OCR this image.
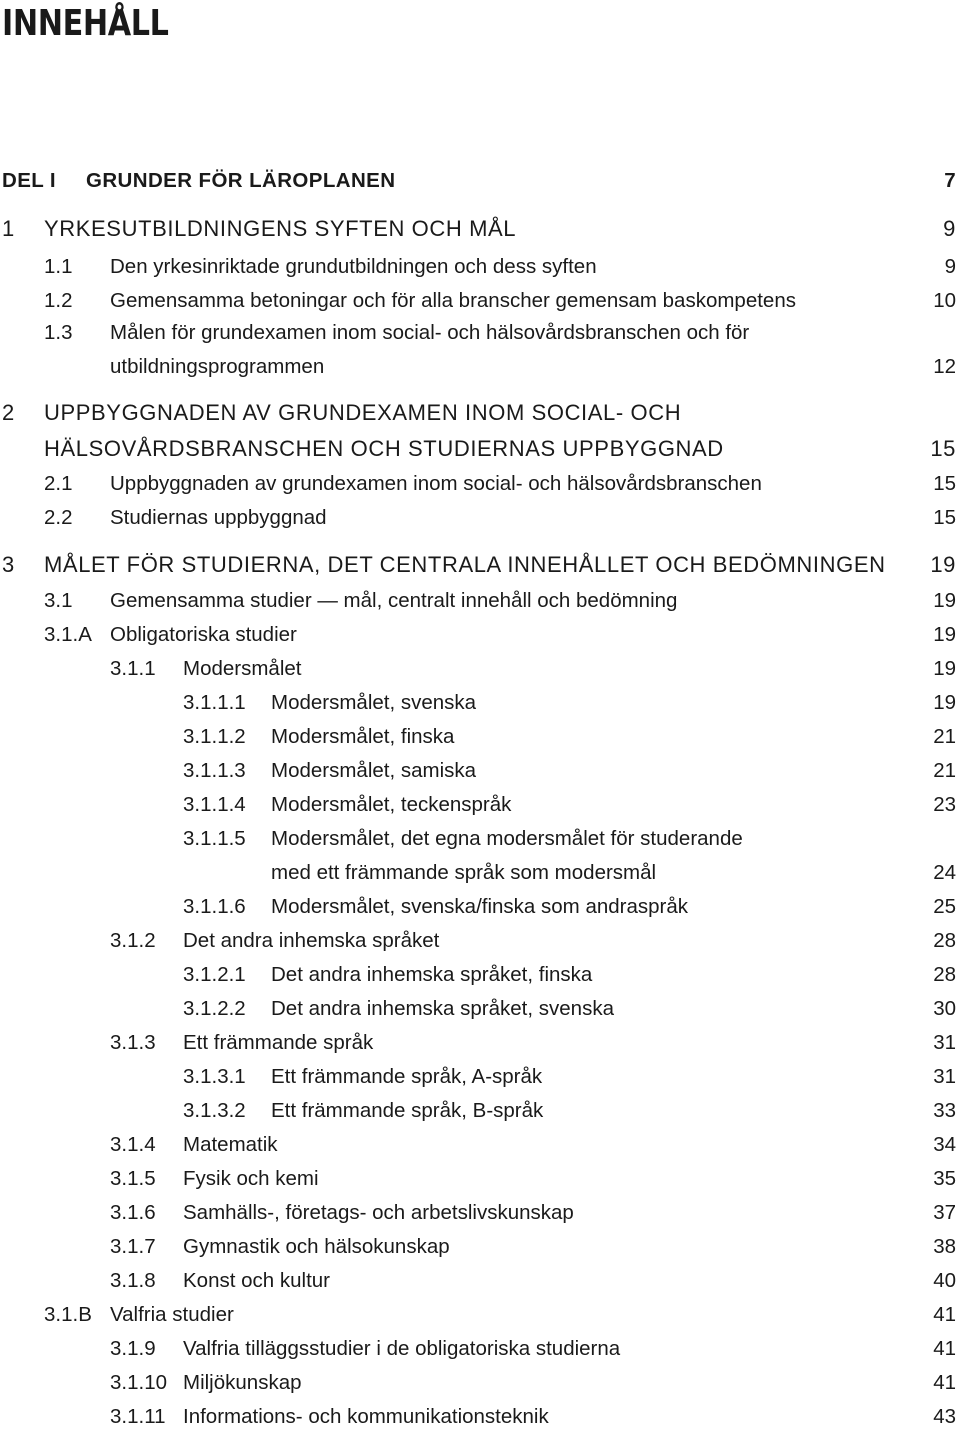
INNEHÅLL
DEL I GRUNDER FÖR LÄROPLANEN	7
1 YRKESUTBILDNINGENS SYFTEN OCH MÅL	9
1.1 Den yrkesinriktade grundutbildningen och dess syften	9
1.2 Gemensamma betoningar och för alla branscher gemensam baskompetens	10
1.3 Målen för grundexamen inom social- och hälsovårdsbranschen och för
utbildningsprogrammen	12
2 UPPBYGGNADEN AV GRUNDEXAMEN INOM SOCIAL- OCH
HÄLSOVÅRDSBRANSCHEN OCH STUDIERNAS UPPBYGGNAD	15
2.1 Uppbyggnaden av grundexamen inom social- och hälsovårdsbranschen	15
2.2 Studiernas uppbyggnad	15
3 MÅLET FÖR STUDIERNA, DET CENTRALA INNEHÅLLET OCH BEDÖMNINGEN 19
3.1 Gemensamma studier — mål, centralt innehåll och bedömning	19
3.1.A Obligatoriska studier	19
3.1.1 Modersmålet	19
3.1.1.1 Modersmålet, svenska	19
3.1.1.2 Modersmålet, finska	21
3.1.1.3 Modersmålet, samiska	21
3.1.1.4 Modersmålet, teckenspråk	23
3.1.1.5 Modersmålet, det egna modersmålet för studerande
med ett främmande språk som modersmål	24
3.1.1.6 Modersmålet, svenska/finska som andraspråk	25
3.1.2 Det andra inhemska språket	28
3.1.2.1 Det andra inhemska språket, finska	28
3.1.2.2 Det andra inhemska språket, svenska	30
3.1.3 Ett främmande språk	31
3.1.3.1 Ett främmande språk, A-språk	31
3.1.3.2 Ett främmande språk, B-språk	33
3.1.4 Matematik	34
3.1.5 Fysik och kemi	35
3.1.6 Samhälls-, företags- och arbetslivskunskap	37
3.1.7 Gymnastik och hälsokunskap	38
3.1.8 Konst och kultur	40
3.1.B Valfria studier	41
3.1.9 Valfria tilläggsstudier i de obligatoriska studierna	41
3.1.10 Miljökunskap	41
3.1.11 Informations- och kommunikationsteknik	43
